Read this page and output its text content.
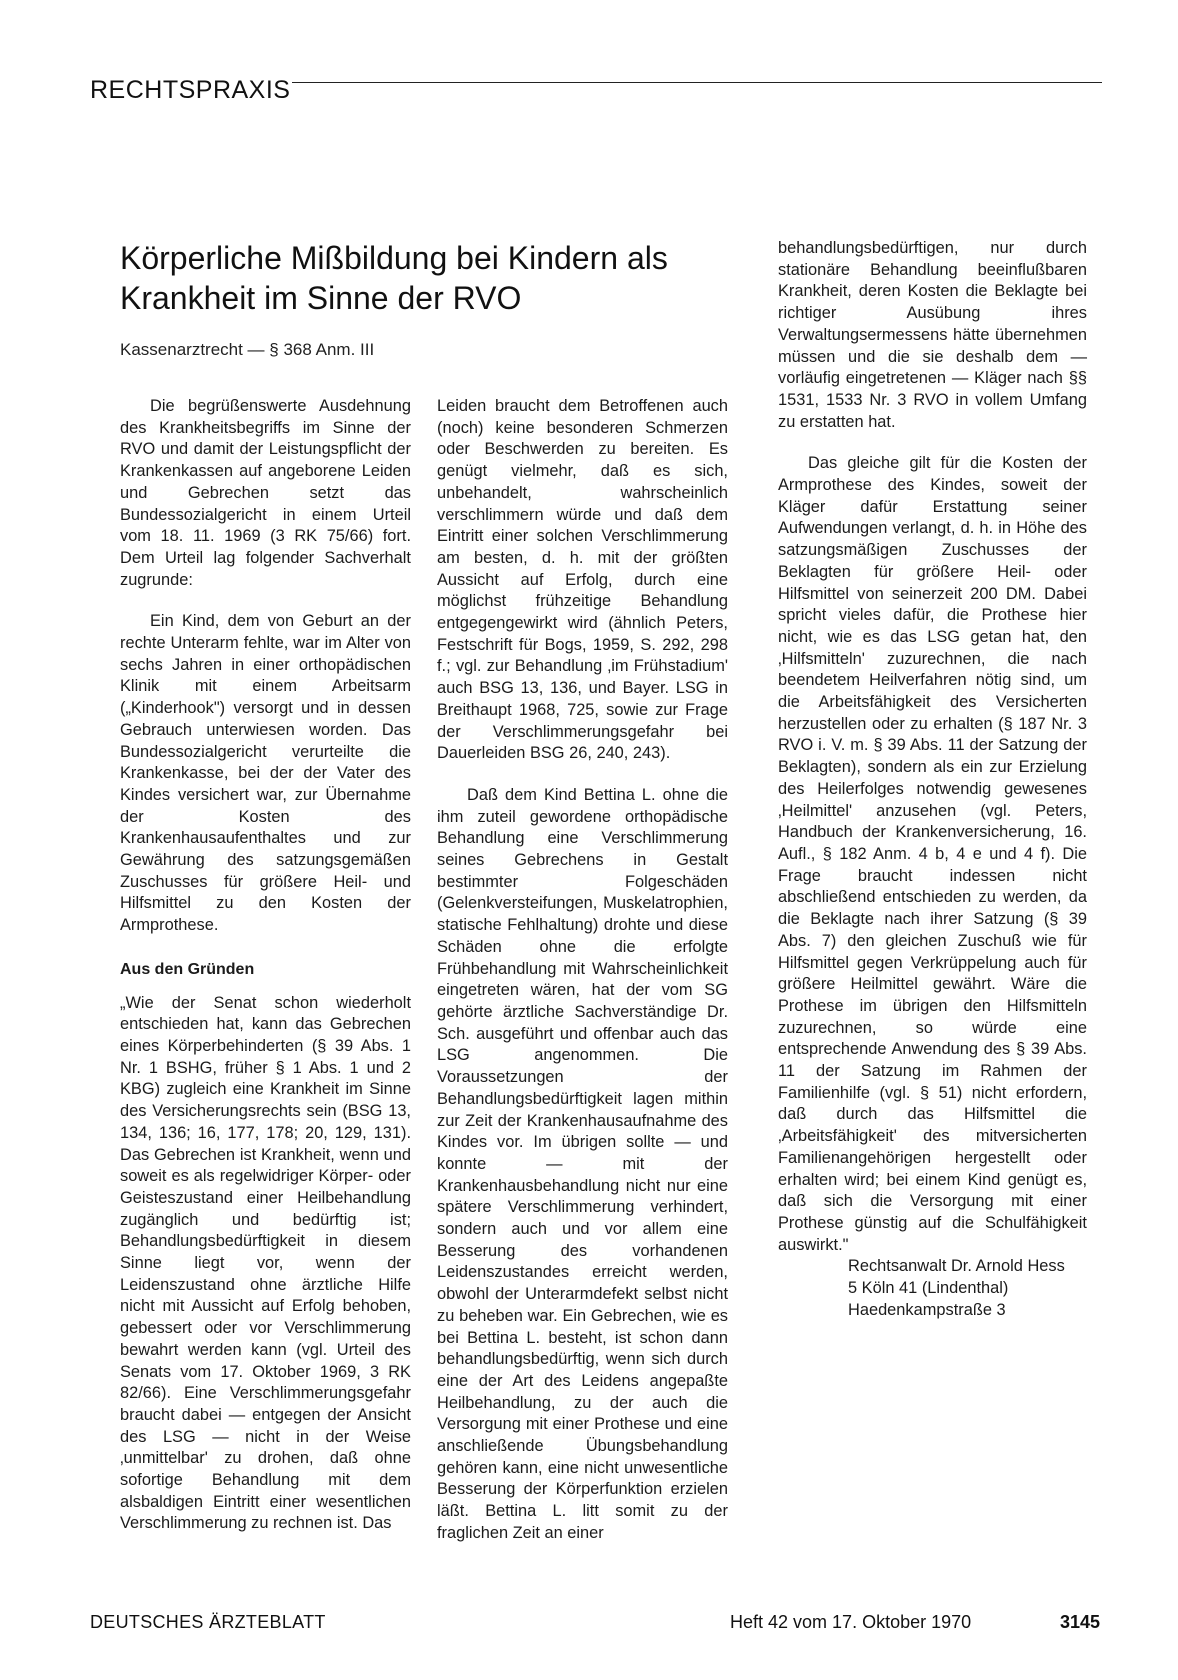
RECHTSPRAXIS
Körperliche Mißbildung bei Kindern als Krankheit im Sinne der RVO
Kassenarztrecht — § 368 Anm. III

Die begrüßenswerte Ausdehnung des Krankheitsbegriffs im Sinne der RVO und damit der Leistungspflicht der Krankenkassen auf angeborene Leiden und Gebrechen setzt das Bundessozialgericht in einem Urteil vom 18. 11. 1969 (3 RK 75/66) fort. Dem Urteil lag folgender Sachverhalt zugrunde:

Ein Kind, dem von Geburt an der rechte Unterarm fehlte, war im Alter von sechs Jahren in einer orthopädischen Klinik mit einem Arbeitsarm („Kinderhook") versorgt und in dessen Gebrauch unterwiesen worden. Das Bundessozialgericht verurteilte die Krankenkasse, bei der der Vater des Kindes versichert war, zur Übernahme der Kosten des Krankenhausaufenthaltes und zur Gewährung des satzungsgemäßen Zuschusses für größere Heil- und Hilfsmittel zu den Kosten der Armprothese.

Aus den Gründen

„Wie der Senat schon wiederholt entschieden hat, kann das Gebrechen eines Körperbehinderten (§ 39 Abs. 1 Nr. 1 BSHG, früher § 1 Abs. 1 und 2 KBG) zugleich eine Krankheit im Sinne des Versicherungsrechts sein (BSG 13, 134, 136; 16, 177, 178; 20, 129, 131). Das Gebrechen ist Krankheit, wenn und soweit es als regelwidriger Körper- oder Geisteszustand einer Heilbehandlung zugänglich und bedürftig ist; Behandlungsbedürftigkeit in diesem Sinne liegt vor, wenn der Leidenszustand ohne ärztliche Hilfe nicht mit Aussicht auf Erfolg behoben, gebessert oder vor Verschlimmerung bewahrt werden kann (vgl. Urteil des Senats vom 17. Oktober 1969, 3 RK 82/66). Eine Verschlimmerungsgefahr braucht dabei — entgegen der Ansicht des LSG — nicht in der Weise ‚unmittelbar' zu drohen, daß ohne sofortige Behandlung mit dem alsbaldigen Eintritt einer wesentlichen Verschlimmerung zu rechnen ist. Das

Leiden braucht dem Betroffenen auch (noch) keine besonderen Schmerzen oder Beschwerden zu bereiten. Es genügt vielmehr, daß es sich, unbehandelt, wahrscheinlich verschlimmern würde und daß dem Eintritt einer solchen Verschlimmerung am besten, d. h. mit der größten Aussicht auf Erfolg, durch eine möglichst frühzeitige Behandlung entgegengewirkt wird (ähnlich Peters, Festschrift für Bogs, 1959, S. 292, 298 f.; vgl. zur Behandlung ‚im Frühstadium' auch BSG 13, 136, und Bayer. LSG in Breithaupt 1968, 725, sowie zur Frage der Verschlimmerungsgefahr bei Dauerleiden BSG 26, 240, 243).

Daß dem Kind Bettina L. ohne die ihm zuteil gewordene orthopädische Behandlung eine Verschlimmerung seines Gebrechens in Gestalt bestimmter Folgeschäden (Gelenkversteifungen, Muskelatrophien, statische Fehlhaltung) drohte und diese Schäden ohne die erfolgte Frühbehandlung mit Wahrscheinlichkeit eingetreten wären, hat der vom SG gehörte ärztliche Sachverständige Dr. Sch. ausgeführt und offenbar auch das LSG angenommen. Die Voraussetzungen der Behandlungsbedürftigkeit lagen mithin zur Zeit der Krankenhausaufnahme des Kindes vor. Im übrigen sollte — und konnte — mit der Krankenhausbehandlung nicht nur eine spätere Verschlimmerung verhindert, sondern auch und vor allem eine Besserung des vorhandenen Leidenszustandes erreicht werden, obwohl der Unterarmdefekt selbst nicht zu beheben war. Ein Gebrechen, wie es bei Bettina L. besteht, ist schon dann behandlungsbedürftig, wenn sich durch eine der Art des Leidens angepaßte Heilbehandlung, zu der auch die Versorgung mit einer Prothese und eine anschließende Übungsbehandlung gehören kann, eine nicht unwesentliche Besserung der Körperfunktion erzielen läßt. Bettina L. litt somit zu der fraglichen Zeit an einer

behandlungsbedürftigen, nur durch stationäre Behandlung beeinflußbaren Krankheit, deren Kosten die Beklagte bei richtiger Ausübung ihres Verwaltungsermessens hätte übernehmen müssen und die sie deshalb dem — vorläufig eingetretenen — Kläger nach §§ 1531, 1533 Nr. 3 RVO in vollem Umfang zu erstatten hat.

Das gleiche gilt für die Kosten der Armprothese des Kindes, soweit der Kläger dafür Erstattung seiner Aufwendungen verlangt, d. h. in Höhe des satzungsmäßigen Zuschusses der Beklagten für größere Heil- oder Hilfsmittel von seinerzeit 200 DM. Dabei spricht vieles dafür, die Prothese hier nicht, wie es das LSG getan hat, den ‚Hilfsmitteln' zuzurechnen, die nach beendetem Heilverfahren nötig sind, um die Arbeitsfähigkeit des Versicherten herzustellen oder zu erhalten (§ 187 Nr. 3 RVO i. V. m. § 39 Abs. 11 der Satzung der Beklagten), sondern als ein zur Erzielung des Heilerfolges notwendig gewesenes ‚Heilmittel' anzusehen (vgl. Peters, Handbuch der Krankenversicherung, 16. Aufl., § 182 Anm. 4 b, 4 e und 4 f). Die Frage braucht indessen nicht abschließend entschieden zu werden, da die Beklagte nach ihrer Satzung (§ 39 Abs. 7) den gleichen Zuschuß wie für Hilfsmittel gegen Verkrüppelung auch für größere Heilmittel gewährt. Wäre die Prothese im übrigen den Hilfsmitteln zuzurechnen, so würde eine entsprechende Anwendung des § 39 Abs. 11 der Satzung im Rahmen der Familienhilfe (vgl. § 51) nicht erfordern, daß durch das Hilfsmittel die ‚Arbeitsfähigkeit' des mitversicherten Familienangehörigen hergestellt oder erhalten wird; bei einem Kind genügt es, daß sich die Versorgung mit einer Prothese günstig auf die Schulfähigkeit auswirkt."

Rechtsanwalt Dr. Arnold Hess

5 Köln 41 (Lindenthal)

Haedenkampstraße 3

DEUTSCHES ÄRZTEBLATT	Heft 42 vom 17. Oktober 1970	3145
